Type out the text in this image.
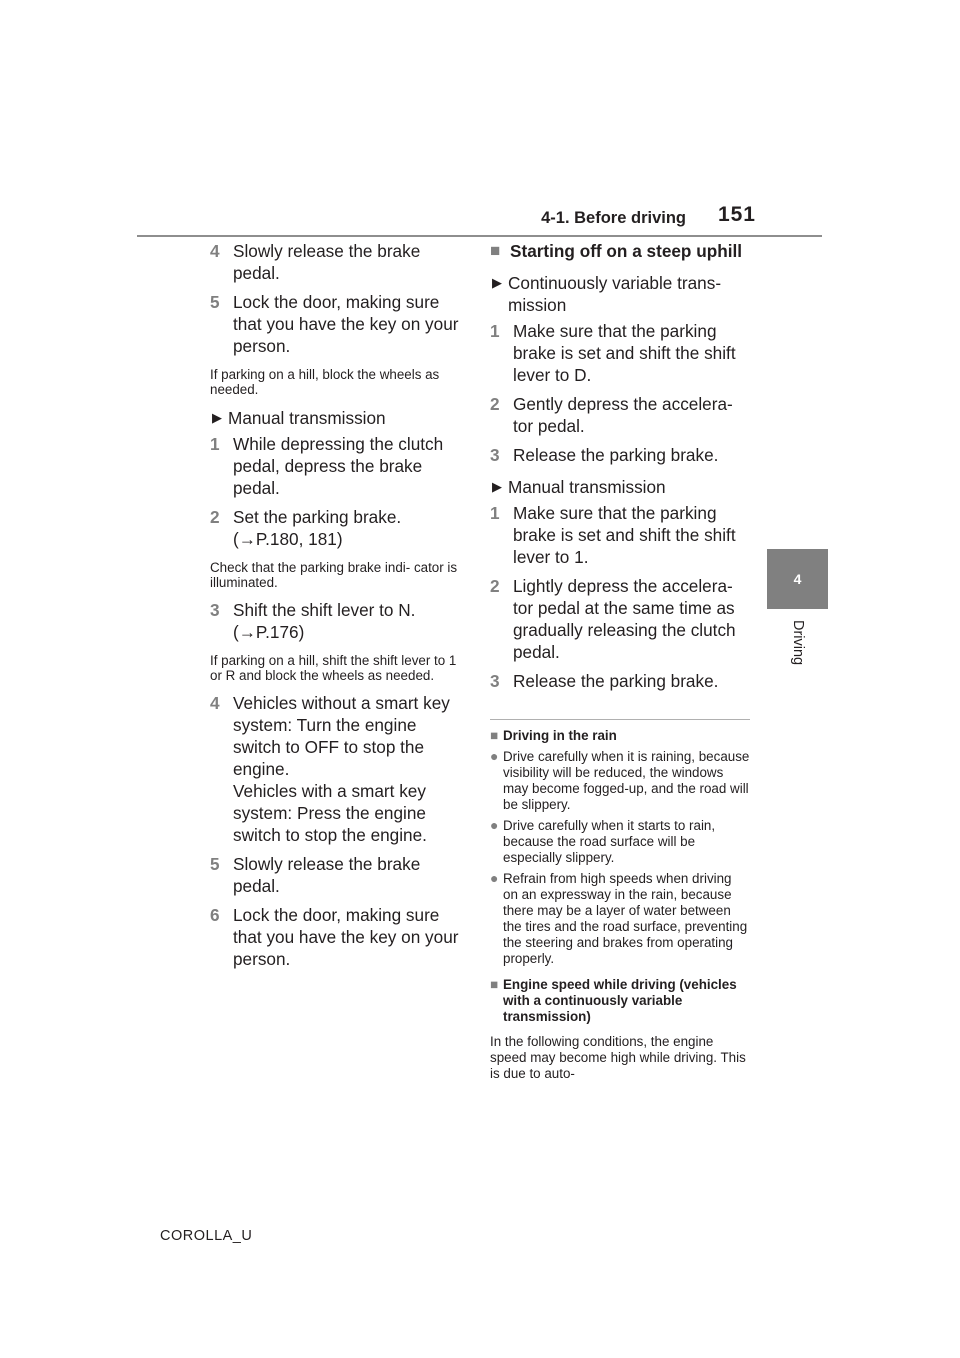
4-1. Before driving 151
4
Driving
4 Slowly release the brake pedal.
5 Lock the door, making sure that you have the key on your person.
If parking on a hill, block the wheels as needed.
▶ Manual transmission
1 While depressing the clutch pedal, depress the brake pedal.
2 Set the parking brake. (→P.180, 181)
Check that the parking brake indi- cator is illuminated.
3 Shift the shift lever to N. (→P.176)
If parking on a hill, shift the shift lever to 1 or R and block the wheels as needed.
4 Vehicles without a smart key system: Turn the engine switch to OFF to stop the engine.
Vehicles with a smart key system: Press the engine switch to stop the engine.
5 Slowly release the brake pedal.
6 Lock the door, making sure that you have the key on your person.
■ Starting off on a steep uphill
▶ Continuously variable trans- mission
1 Make sure that the parking brake is set and shift the shift lever to D.
2 Gently depress the accelera- tor pedal.
3 Release the parking brake.
▶ Manual transmission
1 Make sure that the parking brake is set and shift the shift lever to 1.
2 Lightly depress the accelera- tor pedal at the same time as gradually releasing the clutch pedal.
3 Release the parking brake.
■ Driving in the rain
● Drive carefully when it is raining, because visibility will be reduced, the windows may become fogged-up, and the road will be slippery.
● Drive carefully when it starts to rain, because the road surface will be especially slippery.
● Refrain from high speeds when driving on an expressway in the rain, because there may be a layer of water between the tires and the road surface, preventing the steering and brakes from operating properly.
■ Engine speed while driving (vehicles with a continuously variable transmission)
In the following conditions, the engine speed may become high while driving. This is due to auto-
COROLLA_U
